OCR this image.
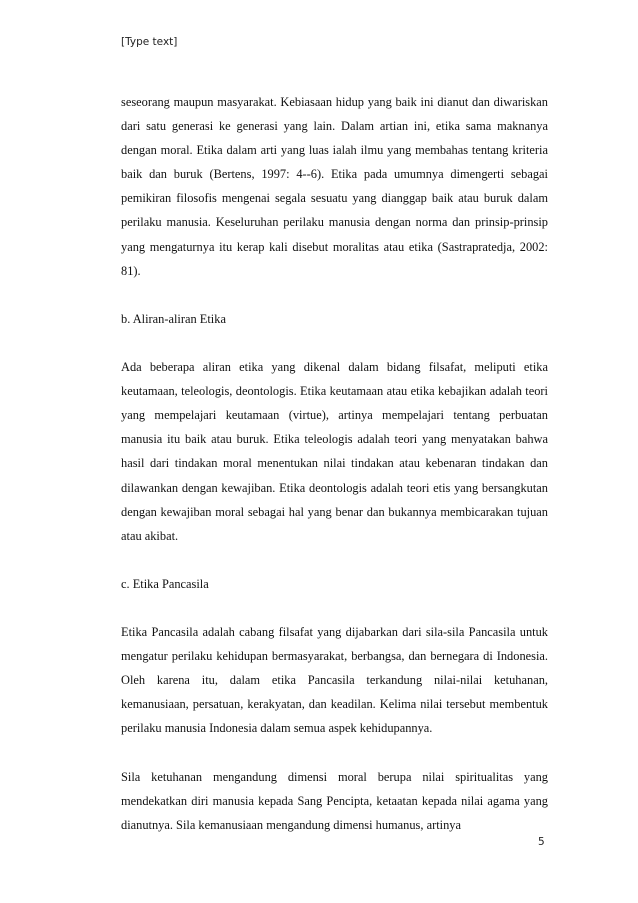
[Type text]

seseorang maupun masyarakat. Kebiasaan hidup yang baik ini dianut dan diwariskan dari satu generasi ke generasi yang lain. Dalam artian ini, etika sama maknanya dengan moral. Etika dalam arti yang luas ialah ilmu yang membahas tentang kriteria baik dan buruk (Bertens, 1997: 4--6). Etika pada umumnya dimengerti sebagai pemikiran filosofis mengenai segala sesuatu yang dianggap baik atau buruk dalam perilaku manusia. Keseluruhan perilaku manusia dengan norma dan prinsip-prinsip yang mengaturnya itu kerap kali disebut moralitas atau etika (Sastrapratedja, 2002: 81).

b. Aliran-aliran Etika

Ada beberapa aliran etika yang dikenal dalam bidang filsafat, meliputi etika keutamaan, teleologis, deontologis. Etika keutamaan atau etika kebajikan adalah teori yang mempelajari keutamaan (virtue), artinya mempelajari tentang perbuatan manusia itu baik atau buruk. Etika teleologis adalah teori yang menyatakan bahwa hasil dari tindakan moral menentukan nilai tindakan atau kebenaran tindakan dan dilawankan dengan kewajiban. Etika deontologis adalah teori etis yang bersangkutan dengan kewajiban moral sebagai hal yang benar dan bukannya membicarakan tujuan atau akibat.

c. Etika Pancasila

Etika Pancasila adalah cabang filsafat yang dijabarkan dari sila-sila Pancasila untuk mengatur perilaku kehidupan bermasyarakat, berbangsa, dan bernegara di Indonesia. Oleh karena itu, dalam etika Pancasila terkandung nilai-nilai ketuhanan, kemanusiaan, persatuan, kerakyatan, dan keadilan. Kelima nilai tersebut membentuk perilaku manusia Indonesia dalam semua aspek kehidupannya.

Sila ketuhanan mengandung dimensi moral berupa nilai spiritualitas yang mendekatkan diri manusia kepada Sang Pencipta, ketaatan kepada nilai agama yang dianutnya. Sila kemanusiaan mengandung dimensi humanus, artinya

5
